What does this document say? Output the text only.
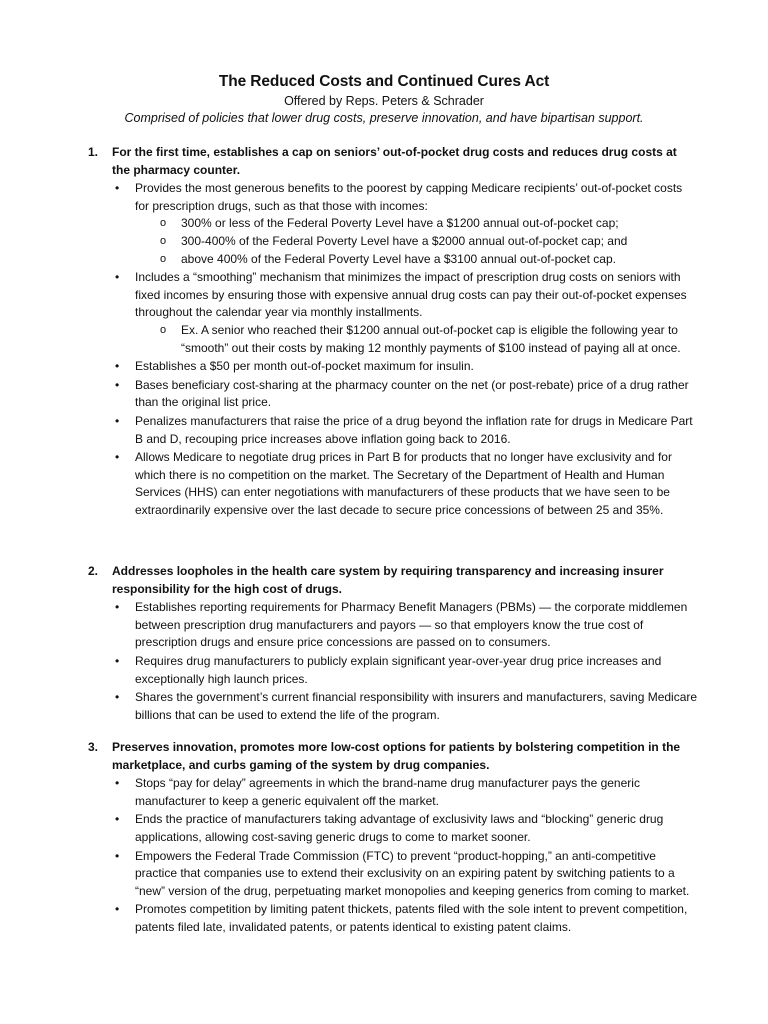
The Reduced Costs and Continued Cures Act
Offered by Reps. Peters & Schrader
Comprised of policies that lower drug costs, preserve innovation, and have bipartisan support.
1. For the first time, establishes a cap on seniors’ out-of-pocket drug costs and reduces drug costs at the pharmacy counter.
• Provides the most generous benefits to the poorest by capping Medicare recipients’ out-of-pocket costs for prescription drugs, such as that those with incomes:
o 300% or less of the Federal Poverty Level have a $1200 annual out-of-pocket cap;
o 300-400% of the Federal Poverty Level have a $2000 annual out-of-pocket cap; and
o above 400% of the Federal Poverty Level have a $3100 annual out-of-pocket cap.
• Includes a “smoothing” mechanism that minimizes the impact of prescription drug costs on seniors with fixed incomes by ensuring those with expensive annual drug costs can pay their out-of-pocket expenses throughout the calendar year via monthly installments.
o Ex. A senior who reached their $1200 annual out-of-pocket cap is eligible the following year to “smooth” out their costs by making 12 monthly payments of $100 instead of paying all at once.
• Establishes a $50 per month out-of-pocket maximum for insulin.
• Bases beneficiary cost-sharing at the pharmacy counter on the net (or post-rebate) price of a drug rather than the original list price.
• Penalizes manufacturers that raise the price of a drug beyond the inflation rate for drugs in Medicare Part B and D, recouping price increases above inflation going back to 2016.
• Allows Medicare to negotiate drug prices in Part B for products that no longer have exclusivity and for which there is no competition on the market. The Secretary of the Department of Health and Human Services (HHS) can enter negotiations with manufacturers of these products that we have seen to be extraordinarily expensive over the last decade to secure price concessions of between 25 and 35%.
2. Addresses loopholes in the health care system by requiring transparency and increasing insurer responsibility for the high cost of drugs.
• Establishes reporting requirements for Pharmacy Benefit Managers (PBMs) — the corporate middlemen between prescription drug manufacturers and payors — so that employers know the true cost of prescription drugs and ensure price concessions are passed on to consumers.
• Requires drug manufacturers to publicly explain significant year-over-year drug price increases and exceptionally high launch prices.
• Shares the government’s current financial responsibility with insurers and manufacturers, saving Medicare billions that can be used to extend the life of the program.
3. Preserves innovation, promotes more low-cost options for patients by bolstering competition in the marketplace, and curbs gaming of the system by drug companies.
• Stops “pay for delay” agreements in which the brand-name drug manufacturer pays the generic manufacturer to keep a generic equivalent off the market.
• Ends the practice of manufacturers taking advantage of exclusivity laws and “blocking” generic drug applications, allowing cost-saving generic drugs to come to market sooner.
• Empowers the Federal Trade Commission (FTC) to prevent “product-hopping,” an anti-competitive practice that companies use to extend their exclusivity on an expiring patent by switching patients to a “new” version of the drug, perpetuating market monopolies and keeping generics from coming to market.
• Promotes competition by limiting patent thickets, patents filed with the sole intent to prevent competition, patents filed late, invalidated patents, or patents identical to existing patent claims.
